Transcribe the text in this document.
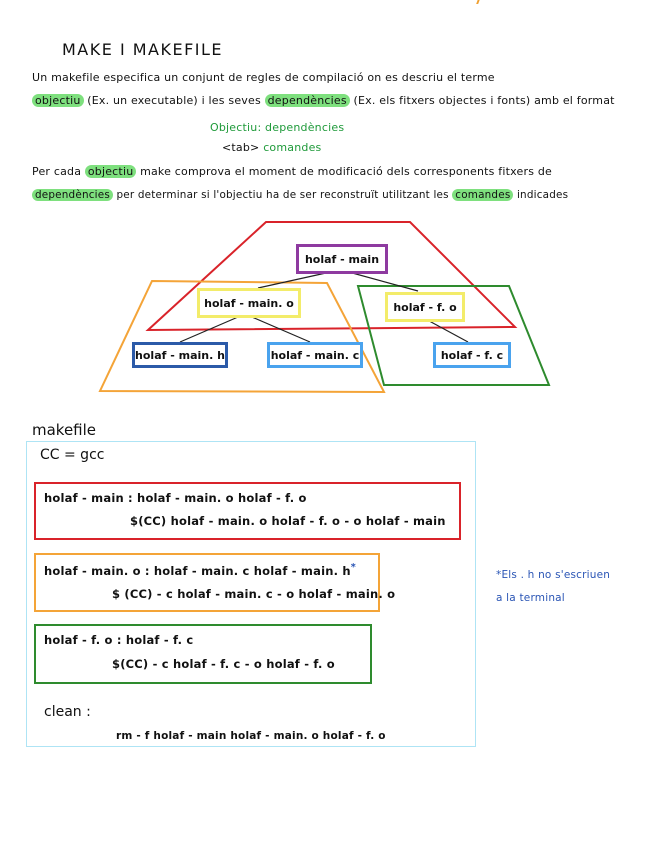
MAKE I MAKEFILE
Un makefile especifica un conjunt de regles de compilació on es descriu el terme
objectiu (Ex. un executable) i les seves dependències (Ex. els fitxers objectes i fonts) amb el format
Objectiu: dependències
<tab> comandes
Per cada objectiu make comprova el moment de modificació dels corresponents fitxers de
dependències per determinar si l'objectiu ha de ser reconstruït utilitzant les comandes indicades
holaf - main
holaf - main. o	holaf - f. o
holaf - main. h	holaf - main. c	holaf - f. c
makefile
CC = gcc
holaf - main : holaf - main. o holaf - f. o
$(CC) holaf - main. o holaf - f. o - o holaf - main
holaf - main. o : holaf - main. c holaf - main. h*
$ (CC) - c holaf - main. c - o holaf - main. o
holaf - f. o : holaf - f. c
$(CC) - c holaf - f. c - o holaf - f. o
clean :
rm - f holaf - main holaf - main. o holaf - f. o
*Els . h no s'escriuen
a la terminal
